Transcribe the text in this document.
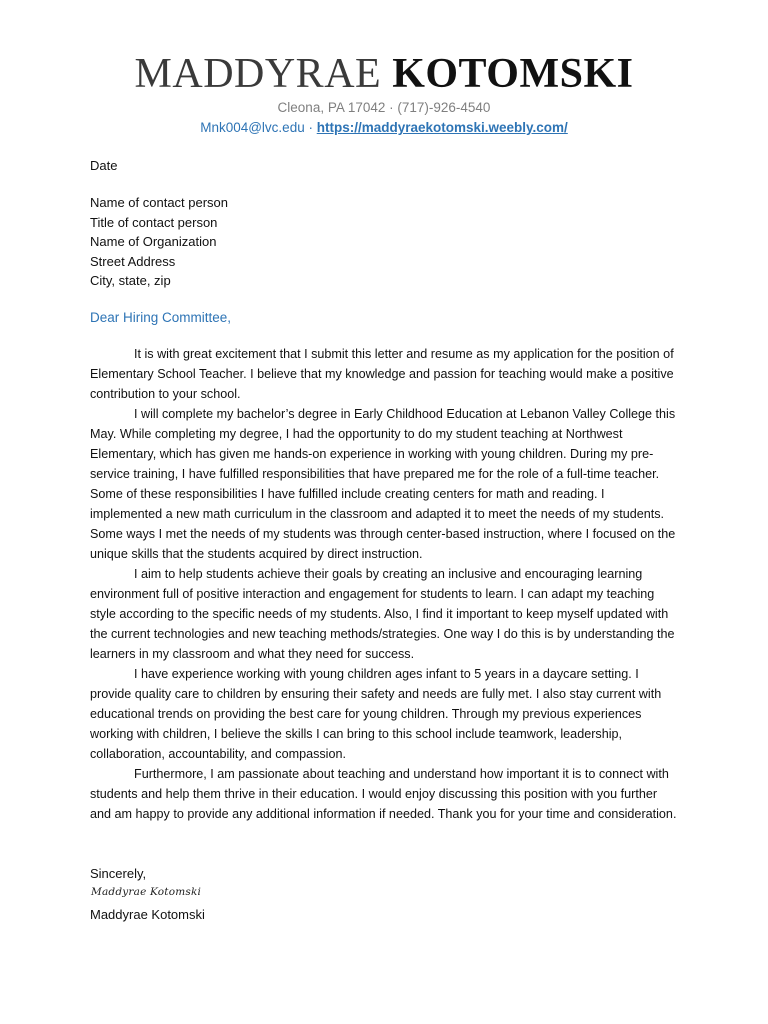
MADDYRAE KOTOMSKI
Cleona, PA 17042 · (717)-926-4540
Mnk004@lvc.edu · https://maddyraekotomski.weebly.com/
Date
Name of contact person
Title of contact person
Name of Organization
Street Address
City, state, zip
Dear Hiring Committee,

It is with great excitement that I submit this letter and resume as my application for the position of Elementary School Teacher. I believe that my knowledge and passion for teaching would make a positive contribution to your school.

I will complete my bachelor’s degree in Early Childhood Education at Lebanon Valley College this May. While completing my degree, I had the opportunity to do my student teaching at Northwest Elementary, which has given me hands-on experience in working with young children. During my pre-service training, I have fulfilled responsibilities that have prepared me for the role of a full-time teacher. Some of these responsibilities I have fulfilled include creating centers for math and reading. I implemented a new math curriculum in the classroom and adapted it to meet the needs of my students. Some ways I met the needs of my students was through center-based instruction, where I focused on the unique skills that the students acquired by direct instruction.

I aim to help students achieve their goals by creating an inclusive and encouraging learning environment full of positive interaction and engagement for students to learn. I can adapt my teaching style according to the specific needs of my students. Also, I find it important to keep myself updated with the current technologies and new teaching methods/strategies. One way I do this is by understanding the learners in my classroom and what they need for success.

I have experience working with young children ages infant to 5 years in a daycare setting. I provide quality care to children by ensuring their safety and needs are fully met. I also stay current with educational trends on providing the best care for young children. Through my previous experiences working with children, I believe the skills I can bring to this school include teamwork, leadership, collaboration, accountability, and compassion.

Furthermore, I am passionate about teaching and understand how important it is to connect with students and help them thrive in their education. I would enjoy discussing this position with you further and am happy to provide any additional information if needed. Thank you for your time and consideration.

Sincerely,
Maddyrae Kotomski
Maddyrae Kotomski
